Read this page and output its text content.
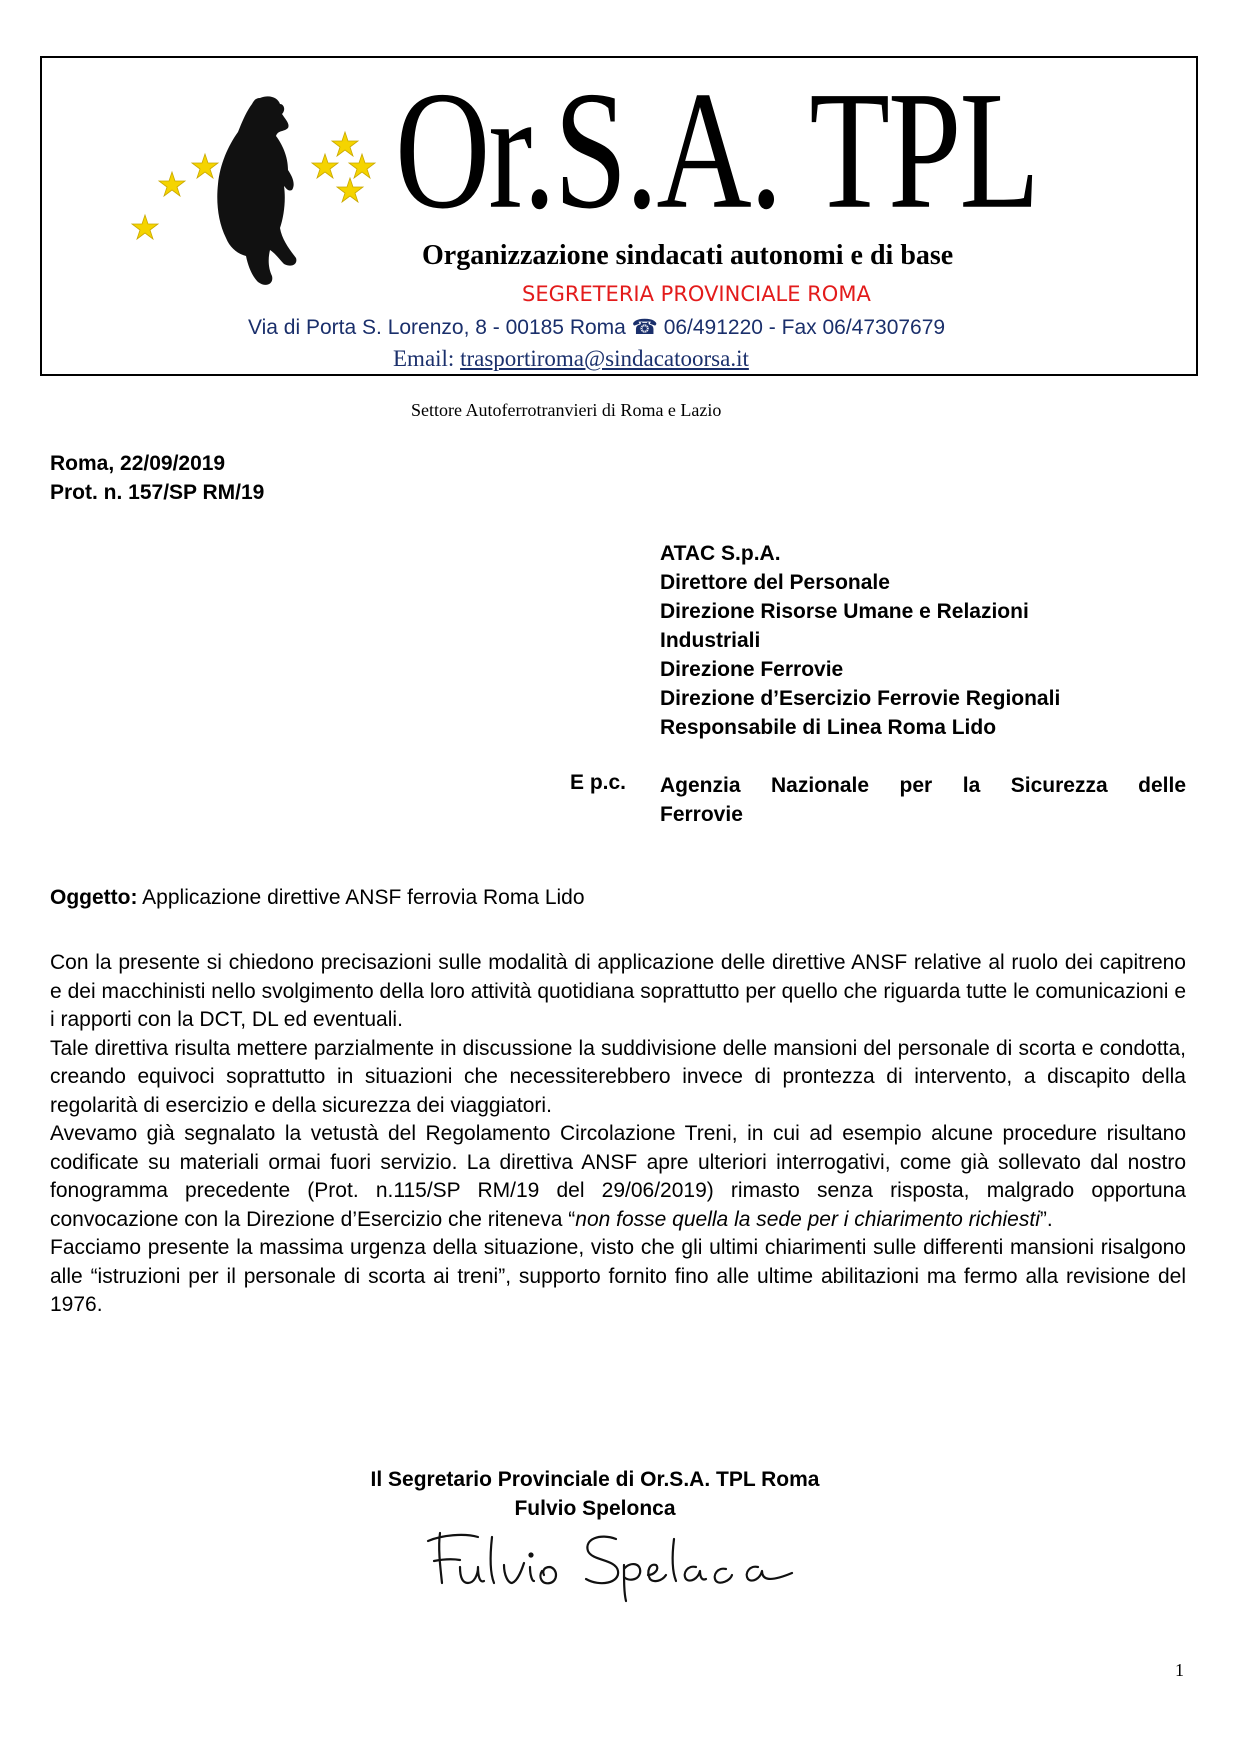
Or.S.A. TPL
Organizzazione sindacati autonomi e di base
SEGRETERIA PROVINCIALE ROMA
Via di Porta S. Lorenzo, 8 - 00185 Roma ☎ 06/491220 - Fax 06/47307679
Email: trasportiroma@sindacatoorsa.it
Settore Autoferrotranvieri di Roma e Lazio
Roma, 22/09/2019
Prot. n. 157/SP RM/19
ATAC S.p.A.
Direttore del Personale
Direzione Risorse Umane e Relazioni
Industriali
Direzione Ferrovie
Direzione d’Esercizio Ferrovie Regionali
Responsabile di Linea Roma Lido
E p.c. Agenzia Nazionale per la Sicurezza delle
Ferrovie
Oggetto: Applicazione direttive ANSF ferrovia Roma Lido

Con la presente si chiedono precisazioni sulle modalità di applicazione delle direttive ANSF relative al ruolo dei capitreno e dei macchinisti nello svolgimento della loro attività quotidiana soprattutto per quello che riguarda tutte le comunicazioni e i rapporti con la DCT, DL ed eventuali.

Tale direttiva risulta mettere parzialmente in discussione la suddivisione delle mansioni del personale di scorta e condotta, creando equivoci soprattutto in situazioni che necessiterebbero invece di prontezza di intervento, a discapito della regolarità di esercizio e della sicurezza dei viaggiatori.

Avevamo già segnalato la vetustà del Regolamento Circolazione Treni, in cui ad esempio alcune procedure risultano codificate su materiali ormai fuori servizio. La direttiva ANSF apre ulteriori interrogativi, come già sollevato dal nostro fonogramma precedente (Prot. n.115/SP RM/19 del 29/06/2019) rimasto senza risposta, malgrado opportuna convocazione con la Direzione d’Esercizio che riteneva “non fosse quella la sede per i chiarimento richiesti”.

Facciamo presente la massima urgenza della situazione, visto che gli ultimi chiarimenti sulle differenti mansioni risalgono alle “istruzioni per il personale di scorta ai treni”, supporto fornito fino alle ultime abilitazioni ma fermo alla revisione del 1976.

Il Segretario Provinciale di Or.S.A. TPL Roma
Fulvio Spelonca
1
